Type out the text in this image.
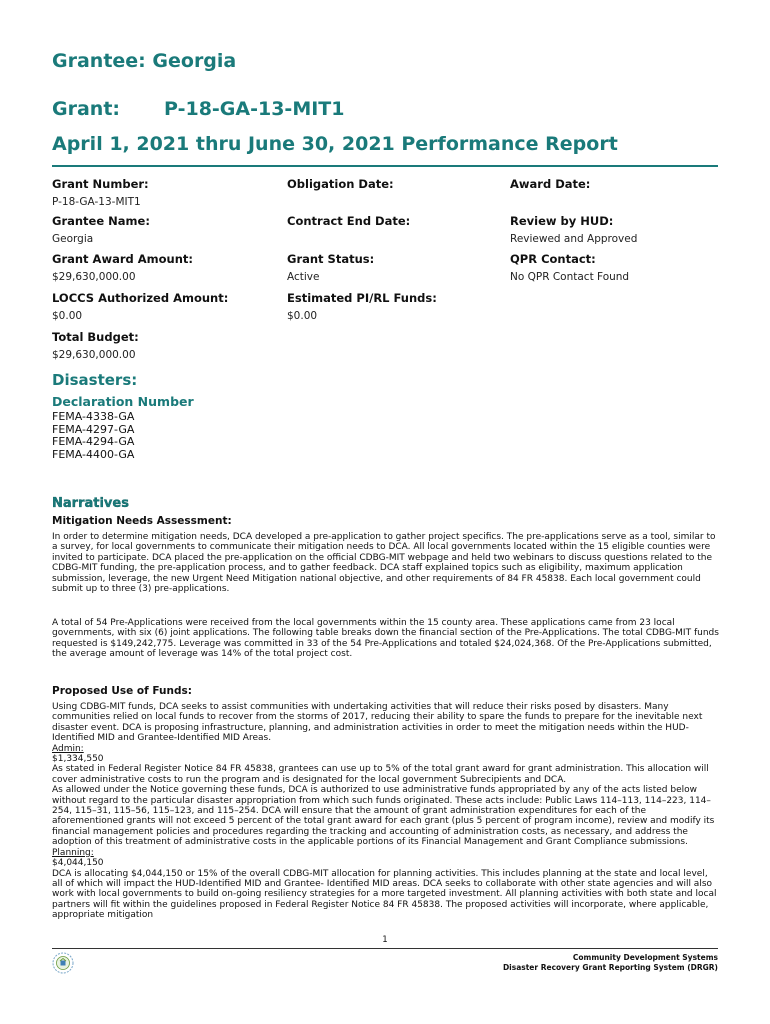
Grantee: Georgia
Grant: P-18-GA-13-MIT1
April 1, 2021 thru June 30, 2021 Performance Report
Grant Number:
P-18-GA-13-MIT1
Obligation Date:	Award Date:
Grantee Name:
Georgia
Contract End Date:	Review by HUD:
Reviewed and Approved
Grant Award Amount:
$29,630,000.00
Grant Status:
Active
QPR Contact:
No QPR Contact Found
LOCCS Authorized Amount:
$0.00
Estimated PI/RL Funds:
$0.00
Total Budget:
$29,630,000.00
Disasters:
Declaration Number
FEMA-4338-GA
FEMA-4297-GA
FEMA-4294-GA
FEMA-4400-GA
Narratives
Mitigation Needs Assessment:

In order to determine mitigation needs, DCA developed a pre-application to gather project specifics. The pre-applications serve as a tool, similar to a survey, for local governments to communicate their mitigation needs to DCA. All local governments located within the 15 eligible counties were invited to participate. DCA placed the pre-application on the official CDBG-MIT webpage and held two webinars to discuss questions related to the CDBG-MIT funding, the pre-application process, and to gather feedback. DCA staff explained topics such as eligibility, maximum application submission, leverage, the new Urgent Need Mitigation national objective, and other requirements of 84 FR 45838. Each local government could submit up to three (3) pre-applications.

A total of 54 Pre-Applications were received from the local governments within the 15 county area. These applications came from 23 local governments, with six (6) joint applications. The following table breaks down the financial section of the Pre-Applications. The total CDBG-MIT funds requested is $149,242,775. Leverage was committed in 33 of the 54 Pre-Applications and totaled $24,024,368. Of the Pre-Applications submitted, the average amount of leverage was 14% of the total project cost.

Proposed Use of Funds:

Using CDBG-MIT funds, DCA seeks to assist communities with undertaking activities that will reduce their risks posed by disasters. Many communities relied on local funds to recover from the storms of 2017, reducing their ability to spare the funds to prepare for the inevitable next disaster event. DCA is proposing infrastructure, planning, and administration activities in order to meet the mitigation needs within the HUD-Identified MID and Grantee-Identified MID Areas.

Admin:

$1,334,550

As stated in Federal Register Notice 84 FR 45838, grantees can use up to 5% of the total grant award for grant administration. This allocation will cover administrative costs to run the program and is designated for the local government Subrecipients and DCA.

As allowed under the Notice governing these funds, DCA is authorized to use administrative funds appropriated by any of the acts listed below without regard to the particular disaster appropriation from which such funds originated. These acts include: Public Laws 114–113, 114–223, 114–254, 115–31, 115–56, 115–123, and 115–254. DCA will ensure that the amount of grant administration expenditures for each of the aforementioned grants will not exceed 5 percent of the total grant award for each grant (plus 5 percent of program income), review and modify its financial management policies and procedures regarding the tracking and accounting of administration costs, as necessary, and address the adoption of this treatment of administrative costs in the applicable portions of its Financial Management and Grant Compliance submissions.

Planning:

$4,044,150

DCA is allocating $4,044,150 or 15% of the overall CDBG-MIT allocation for planning activities. This includes planning at the state and local level, all of which will impact the HUD-Identified MID and Grantee- Identified MID areas. DCA seeks to collaborate with other state agencies and will also work with local governments to build on-going resiliency strategies for a more targeted investment. All planning activities with both state and local partners will fit within the guidelines proposed in Federal Register Notice 84 FR 45838. The proposed activities will incorporate, where applicable, appropriate mitigation

1
Community Development Systems
Disaster Recovery Grant Reporting System (DRGR)
